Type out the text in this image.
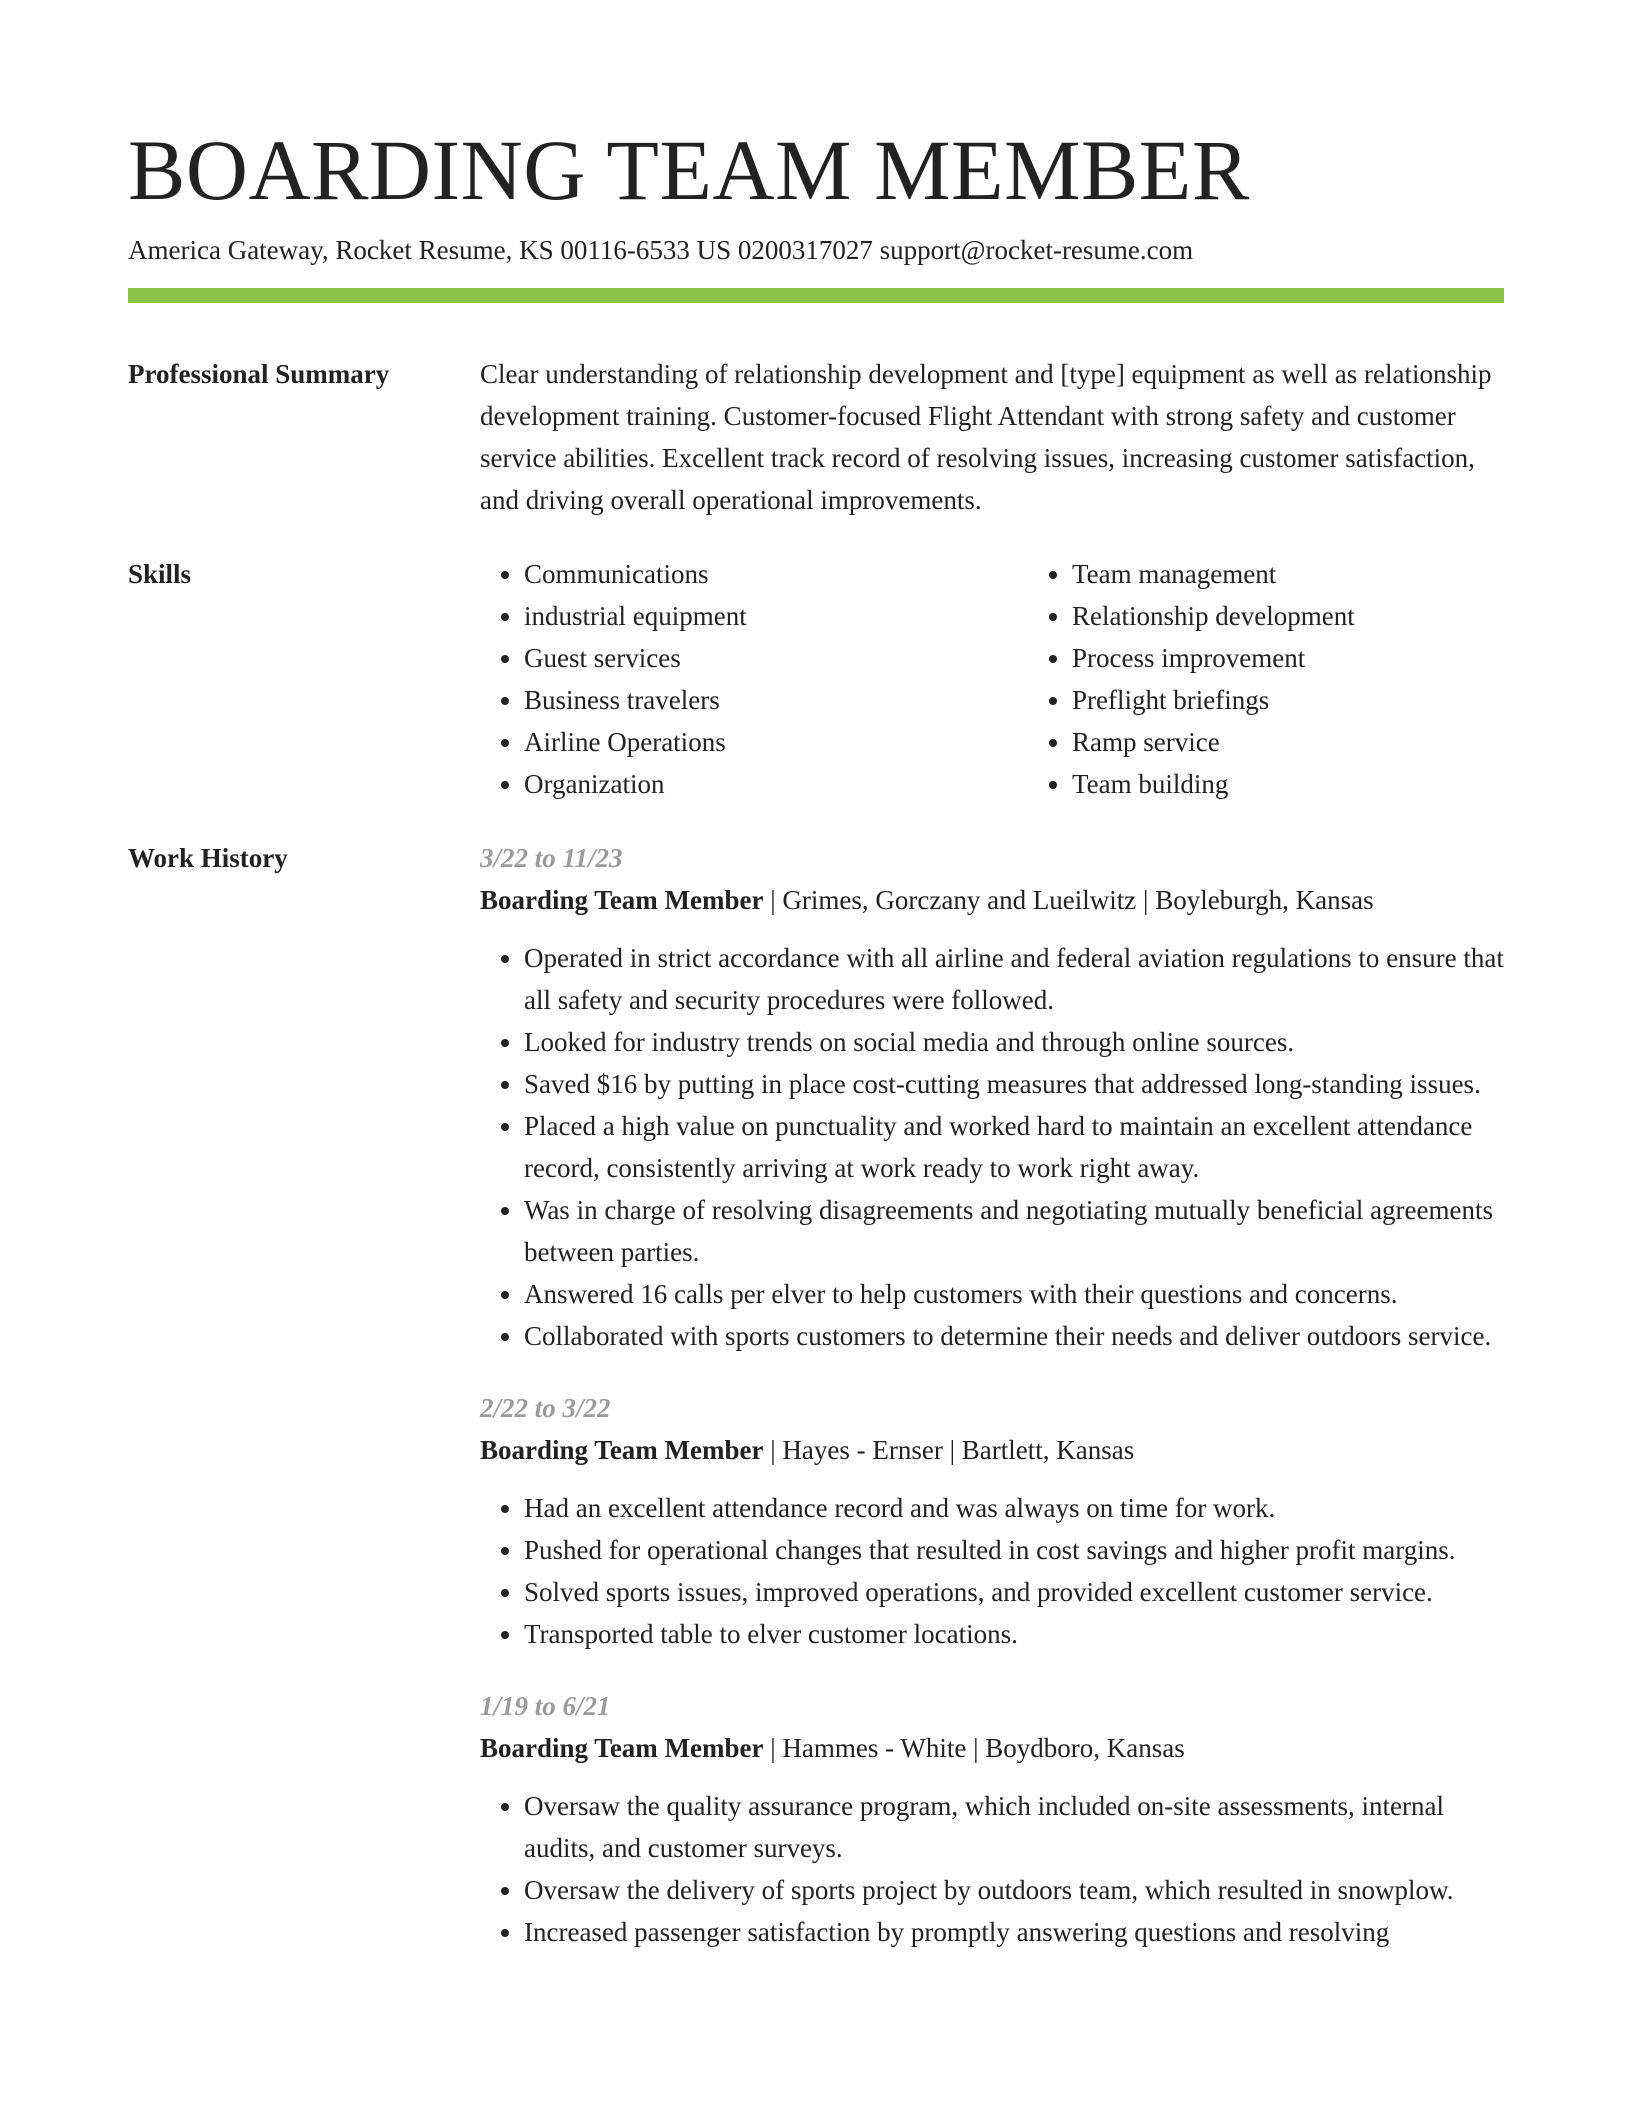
BOARDING TEAM MEMBER
America Gateway, Rocket Resume, KS 00116-6533 US 0200317027 support@rocket-resume.com
Professional Summary	Clear understanding of relationship development and [type] equipment as well as relationship development training. Customer-focused Flight Attendant with strong safety and customer service abilities. Excellent track record of resolving issues, increasing customer satisfaction, and driving overall operational improvements.
Skills
•	Communications
• industrial equipment
• Guest services
• Business travelers
• Airline Operations
• Organization
• Team management
• Relationship development
• Process improvement
• Preflight briefings
• Ramp service
• Team building
Work History	3/22 to 11/23
Boarding Team Member | Grimes, Gorczany and Lueilwitz | Boyleburgh, Kansas
• Operated in strict accordance with all airline and federal aviation regulations to ensure that all safety and security procedures were followed.
• Looked for industry trends on social media and through online sources.
• Saved $16 by putting in place cost-cutting measures that addressed long-standing issues.
• Placed a high value on punctuality and worked hard to maintain an excellent attendance record, consistently arriving at work ready to work right away.
• Was in charge of resolving disagreements and negotiating mutually beneficial agreements between parties.
• Answered 16 calls per elver to help customers with their questions and concerns.
• Collaborated with sports customers to determine their needs and deliver outdoors service.
2/22 to 3/22
Boarding Team Member | Hayes - Ernser | Bartlett, Kansas
• Had an excellent attendance record and was always on time for work.
• Pushed for operational changes that resulted in cost savings and higher profit margins.
• Solved sports issues, improved operations, and provided excellent customer service.
• Transported table to elver customer locations.
1/19 to 6/21
Boarding Team Member | Hammes - White | Boydboro, Kansas
• Oversaw the quality assurance program, which included on-site assessments, internal audits, and customer surveys.
• Oversaw the delivery of sports project by outdoors team, which resulted in snowplow.
• Increased passenger satisfaction by promptly answering questions and resolving
